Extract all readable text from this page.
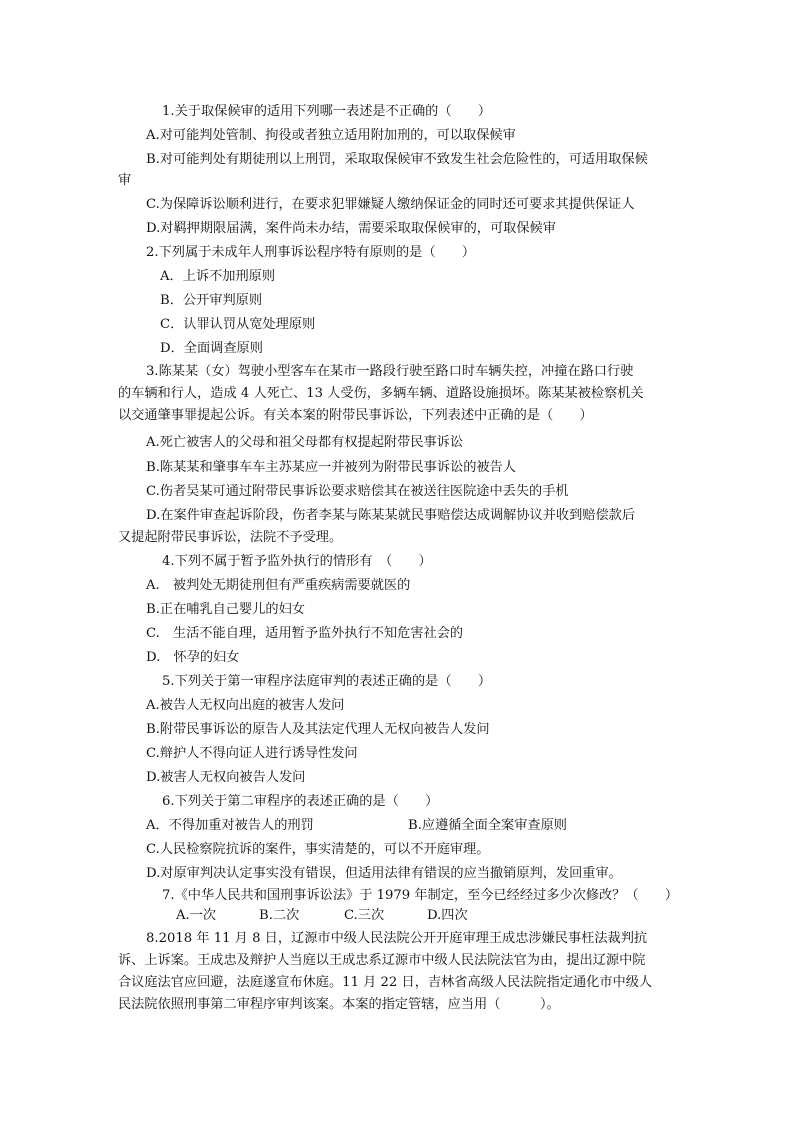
1.关于取保候审的适用下列哪一表述是不正确的（　　）
A.对可能判处管制、拘役或者独立适用附加刑的，可以取保候审
B.对可能判处有期徒刑以上刑罚，采取取保候审不致发生社会危险性的，可适用取保候
审
C.为保障诉讼顺利进行，在要求犯罪嫌疑人缴纳保证金的同时还可要求其提供保证人
D.对羁押期限届满，案件尚未办结，需要采取取保候审的，可取保候审
2.下列属于未成年人刑事诉讼程序特有原则的是（　　）
A．上诉不加刑原则
B．公开审判原则
C．认罪认罚从宽处理原则
D．全面调查原则
3.陈某某（女）驾驶小型客车在某市一路段行驶至路口时车辆失控，冲撞在路口行驶
的车辆和行人，造成 4 人死亡、13 人受伤，多辆车辆、道路设施损坏。陈某某被检察机关
以交通肇事罪提起公诉。有关本案的附带民事诉讼，下列表述中正确的是（　　）
A.死亡被害人的父母和祖父母都有权提起附带民事诉讼
B.陈某某和肇事车车主苏某应一并被列为附带民事诉讼的被告人
C.伤者吴某可通过附带民事诉讼要求赔偿其在被送往医院途中丢失的手机
D.在案件审查起诉阶段，伤者李某与陈某某就民事赔偿达成调解协议并收到赔偿款后
又提起附带民事诉讼，法院不予受理。
4.下列不属于暂予监外执行的情形有　（　　）
A.　被判处无期徒刑但有严重疾病需要就医的
B.正在哺乳自己婴儿的妇女
C.　生活不能自理，适用暂予监外执行不知危害社会的
D.　怀孕的妇女
5.下列关于第一审程序法庭审判的表述正确的是（　　）
A.被告人无权向出庭的被害人发问
B.附带民事诉讼的原告人及其法定代理人无权向被告人发问
C.辩护人不得向证人进行诱导性发问
D.被害人无权向被告人发问
6.下列关于第二审程序的表述正确的是（　　）
A．不得加重对被告人的刑罚	B.应遵循全面全案审查原则
C.人民检察院抗诉的案件，事实清楚的，可以不开庭审理。
D.对原审判决认定事实没有错误，但适用法律有错误的应当撤销原判，发回重审。
7.《中华人民共和国刑事诉讼法》于 1979 年制定，至今已经经过多少次修改？（　　）
A.一次	B.二次	C.三次	D.四次
8.2018 年 11 月 8 日，辽源市中级人民法院公开开庭审理王成忠涉嫌民事枉法裁判抗
诉、上诉案。王成忠及辩护人当庭以王成忠系辽源市中级人民法院法官为由，提出辽源中院
合议庭法官应回避，法庭遂宣布休庭。11 月 22 日，吉林省高级人民法院指定通化市中级人
民法院依照刑事第二审程序审判该案。本案的指定管辖，应当用（　　　）。
